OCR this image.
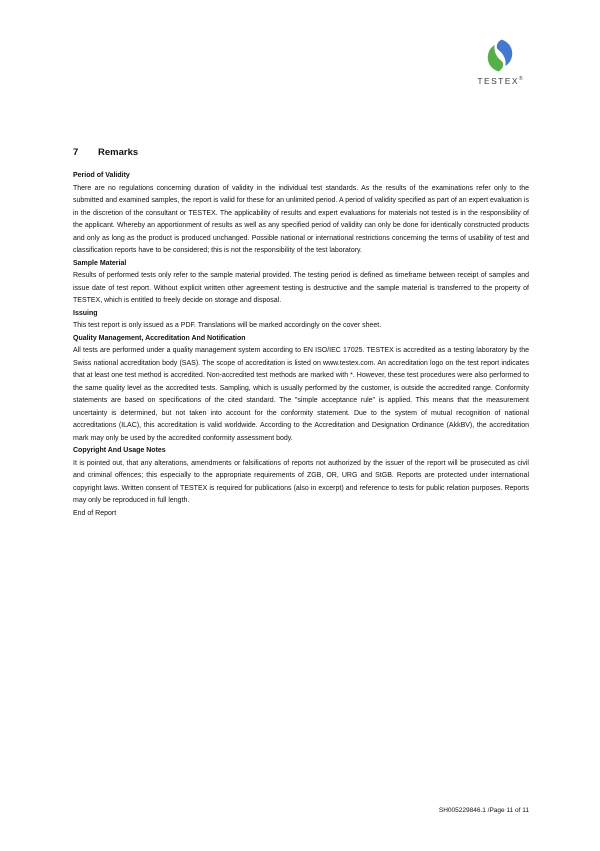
TESTEX®
7 Remarks
Period of Validity

There are no regulations concerning duration of validity in the individual test standards. As the results of the examinations refer only to the submitted and examined samples, the report is valid for these for an unlimited period. A period of validity specified as part of an expert evaluation is in the discretion of the consultant or TESTEX. The applicability of results and expert evaluations for materials not tested is in the responsibility of the applicant. Whereby an apportionment of results as well as any specified period of validity can only be done for identically constructed products and only as long as the product is produced unchanged. Possible national or international restrictions concerning the terms of usability of test and classification reports have to be considered; this is not the responsibility of the test laboratory.

Sample Material

Results of performed tests only refer to the sample material provided. The testing period is defined as timeframe between receipt of samples and issue date of test report. Without explicit written other agreement testing is destructive and the sample material is transferred to the property of TESTEX, which is entitled to freely decide on storage and disposal.

Issuing

This test report is only issued as a PDF. Translations will be marked accordingly on the cover sheet.

Quality Management, Accreditation And Notification

All tests are performed under a quality management system according to EN ISO/IEC 17025. TESTEX is accredited as a testing laboratory by the Swiss national accreditation body (SAS). The scope of accreditation is listed on www.testex.com. An accreditation logo on the test report indicates that at least one test method is accredited. Non-accredited test methods are marked with *. However, these test procedures were also performed to the same quality level as the accredited tests. Sampling, which is usually performed by the customer, is outside the accredited range. Conformity statements are based on specifications of the cited standard. The "simple acceptance rule" is applied. This means that the measurement uncertainty is determined, but not taken into account for the conformity statement. Due to the system of mutual recognition of national accreditations (ILAC), this accreditation is valid worldwide. According to the Accreditation and Designation Ordinance (AkkBV), the accreditation mark may only be used by the accredited conformity assessment body.

Copyright And Usage Notes

It is pointed out, that any alterations, amendments or falsifications of reports not authorized by the issuer of the report will be prosecuted as civil and criminal offences; this especially to the appropriate requirements of ZGB, OR, URG and StGB. Reports are protected under international copyright laws. Written consent of TESTEX is required for publications (also in excerpt) and reference to tests for public relation purposes. Reports may only be reproduced in full length.

End of Report

SH005229846.1 /Page 11 of 11
